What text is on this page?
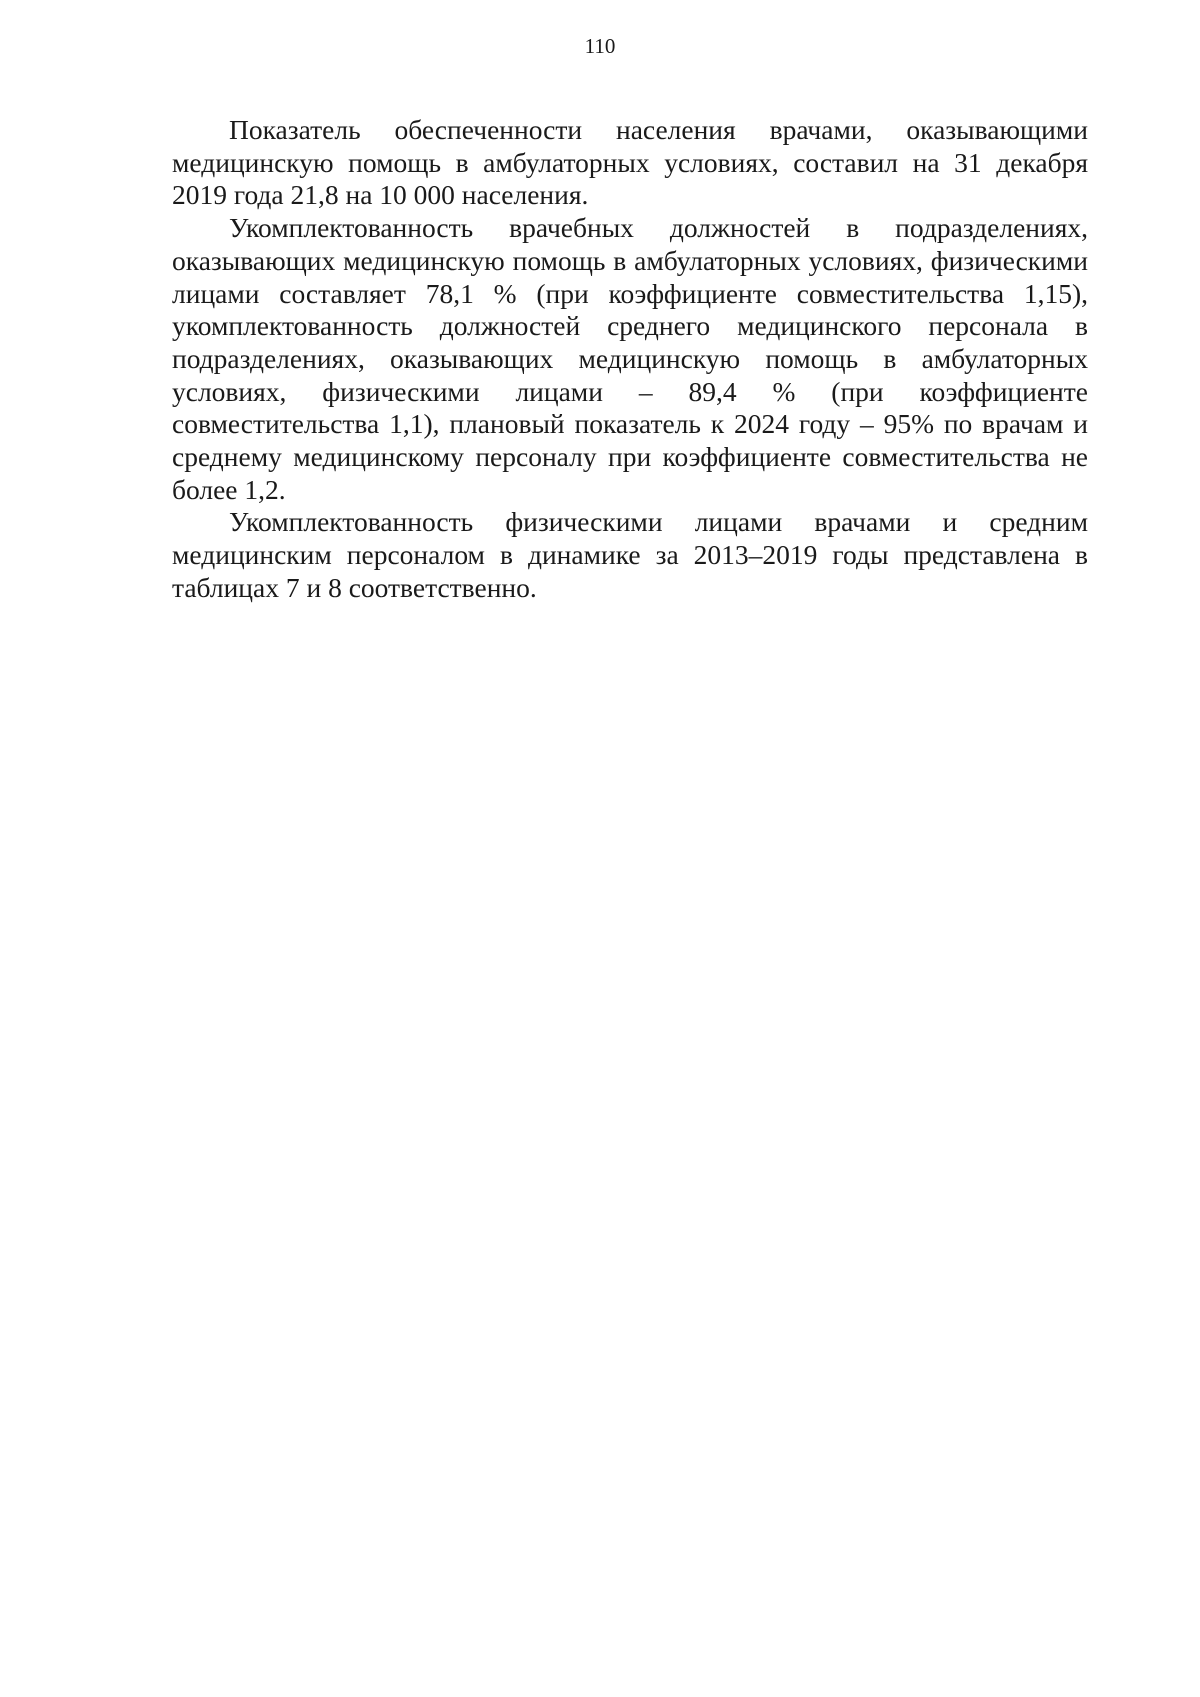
110

Показатель обеспеченности населения врачами, оказывающими медицинскую помощь в амбулаторных условиях, составил на 31 декабря 2019 года 21,8 на 10 000 населения.

Укомплектованность врачебных должностей в подразделениях, оказывающих медицинскую помощь в амбулаторных условиях, физическими лицами составляет 78,1 % (при коэффициенте совместительства 1,15), укомплектованность должностей среднего медицинского персонала в подразделениях, оказывающих медицинскую помощь в амбулаторных условиях, физическими лицами – 89,4 % (при коэффициенте совместительства 1,1), плановый показатель к 2024 году – 95% по врачам и среднему медицинскому персоналу при коэффициенте совместительства не более 1,2.

Укомплектованность физическими лицами врачами и средним медицинским персоналом в динамике за 2013–2019 годы представлена в таблицах 7 и 8 соответственно.
